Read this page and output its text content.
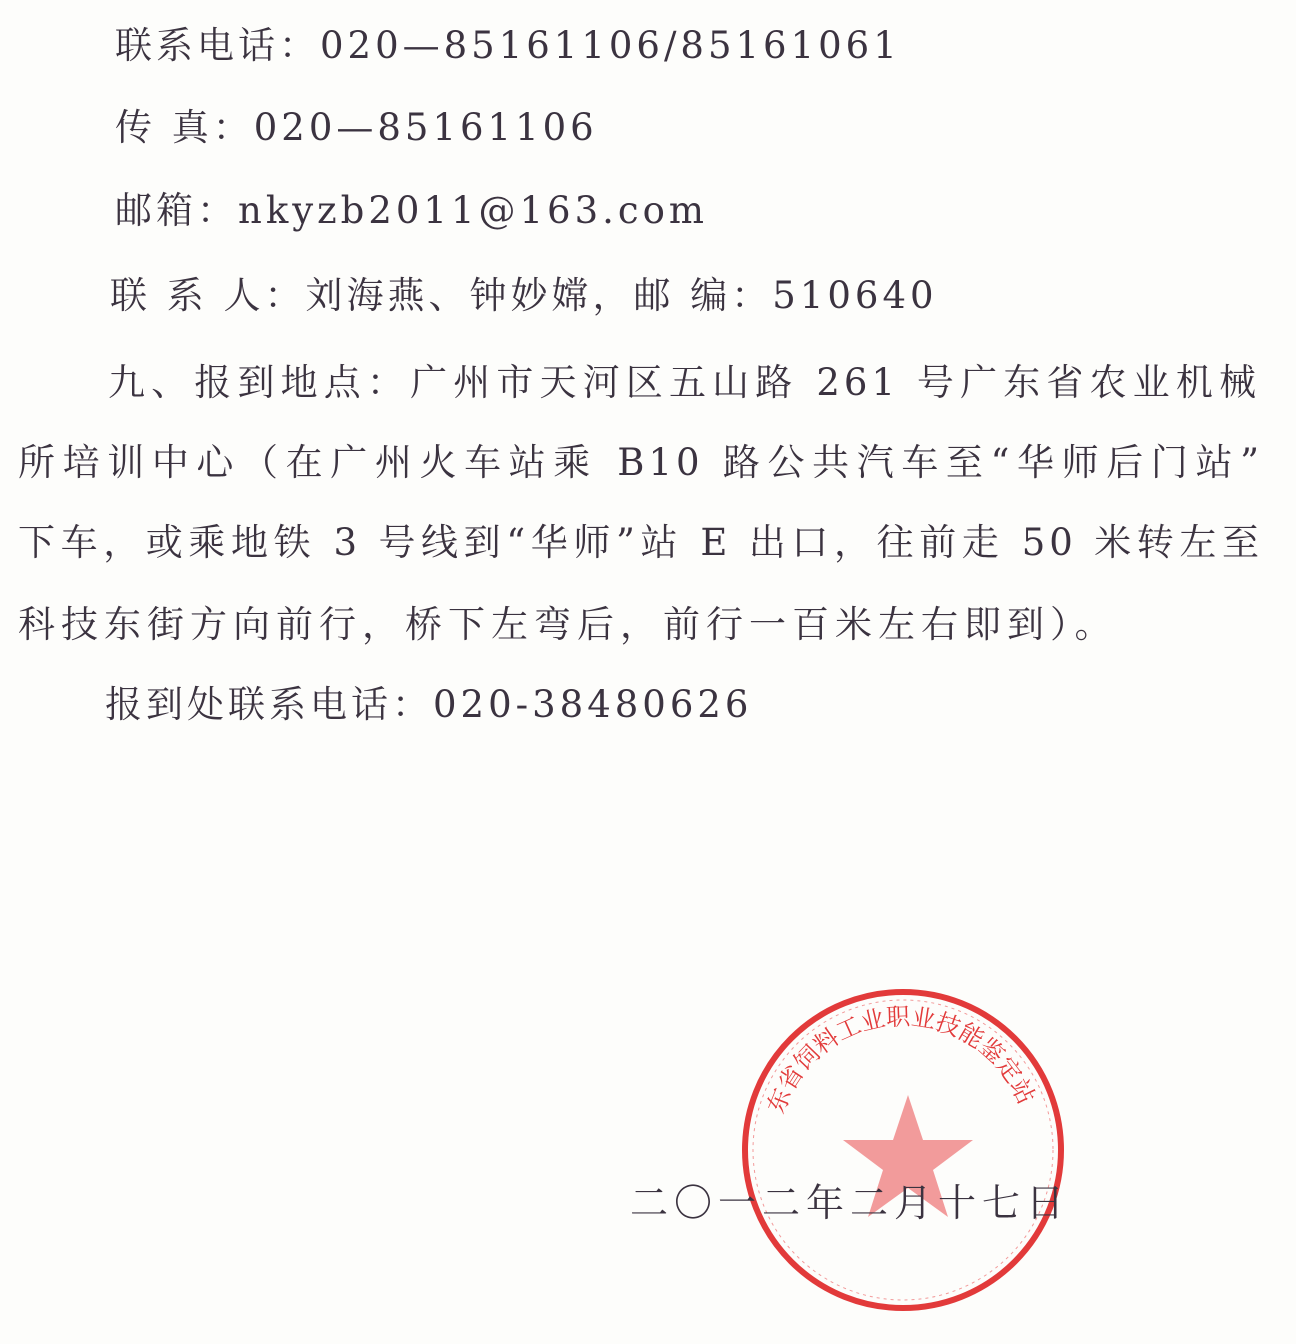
联系电话：020—85161106/85161061
传 真：020—85161106
邮箱：nkyzb2011@163.com
联 系 人：刘海燕、钟妙嫦，邮 编：510640
九、报到地点：广州市天河区五山路 261 号广东省农业机械
所培训中心（在广州火车站乘 B10 路公共汽车至“华师后门站”
下车，或乘地铁 3 号线到“华师”站 E 出口，往前走 50 米转左至
科技东街方向前行，桥下左弯后，前行一百米左右即到）。
报到处联系电话：020-38480626
东省饲料工业职业技能鉴定站
二〇一二年二月十七日
